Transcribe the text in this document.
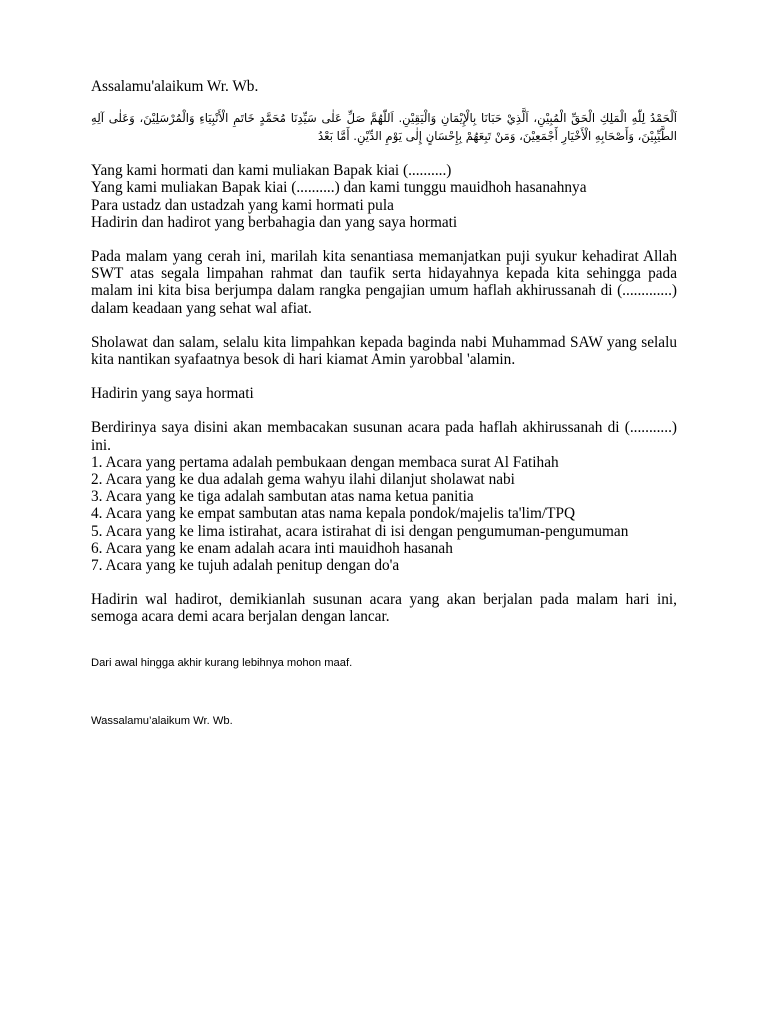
Assalamu'alaikum Wr. Wb.

اَلْحَمْدُ لِلّٰهِ الْمَلِكِ الْحَقِّ الْمُبِيْنِ، اَلَّذِيْ حَبَانَا بِالْإِيْمَانِ وَالْيَقِيْنِ. اَللّٰهُمَّ صَلِّ عَلٰى سَيِّدِنَا مُحَمَّدٍ خَاتَمِ الْأَنْبِيَاءِ وَالْمُرْسَلِيْنَ، وَعَلٰى آلِهِ الطَّيِّبِيْنَ، وَأَصْحَابِهِ الْأَخْيَارِ أَجْمَعِيْنَ، وَمَنْ تَبِعَهُمْ بِإِحْسَانٍ إِلٰى يَوْمِ الدِّيْنِ. أَمَّا بَعْدُ

Yang kami hormati dan kami muliakan Bapak kiai (..........)
Yang kami muliakan Bapak kiai (..........) dan kami tunggu mauidhoh hasanahnya
Para ustadz dan ustadzah yang kami hormati pula
Hadirin dan hadirot yang berbahagia dan yang saya hormati

Pada malam yang cerah ini, marilah kita senantiasa memanjatkan puji syukur kehadirat Allah SWT atas segala limpahan rahmat dan taufik serta hidayahnya kepada kita sehingga pada malam ini kita bisa berjumpa dalam rangka pengajian umum haflah akhirussanah di (.............) dalam keadaan yang sehat wal afiat.

Sholawat dan salam, selalu kita limpahkan kepada baginda nabi Muhammad SAW yang selalu kita nantikan syafaatnya besok di hari kiamat Amin yarobbal 'alamin.

Hadirin yang saya hormati

Berdirinya saya disini akan membacakan susunan acara pada haflah akhirussanah di (...........) ini.

1. Acara yang pertama adalah pembukaan dengan membaca surat Al Fatihah
2. Acara yang ke dua adalah gema wahyu ilahi dilanjut sholawat nabi
3. Acara yang ke tiga adalah sambutan atas nama ketua panitia
4. Acara yang ke empat sambutan atas nama kepala pondok/majelis ta'lim/TPQ
5. Acara yang ke lima istirahat, acara istirahat di isi dengan pengumuman-pengumuman
6. Acara yang ke enam adalah acara inti mauidhoh hasanah
7. Acara yang ke tujuh adalah penitup dengan do'a

Hadirin wal hadirot, demikianlah susunan acara yang akan berjalan pada malam hari ini, semoga acara demi acara berjalan dengan lancar.

Dari awal hingga akhir kurang lebihnya mohon maaf.

Wassalamu’alaikum Wr. Wb.
